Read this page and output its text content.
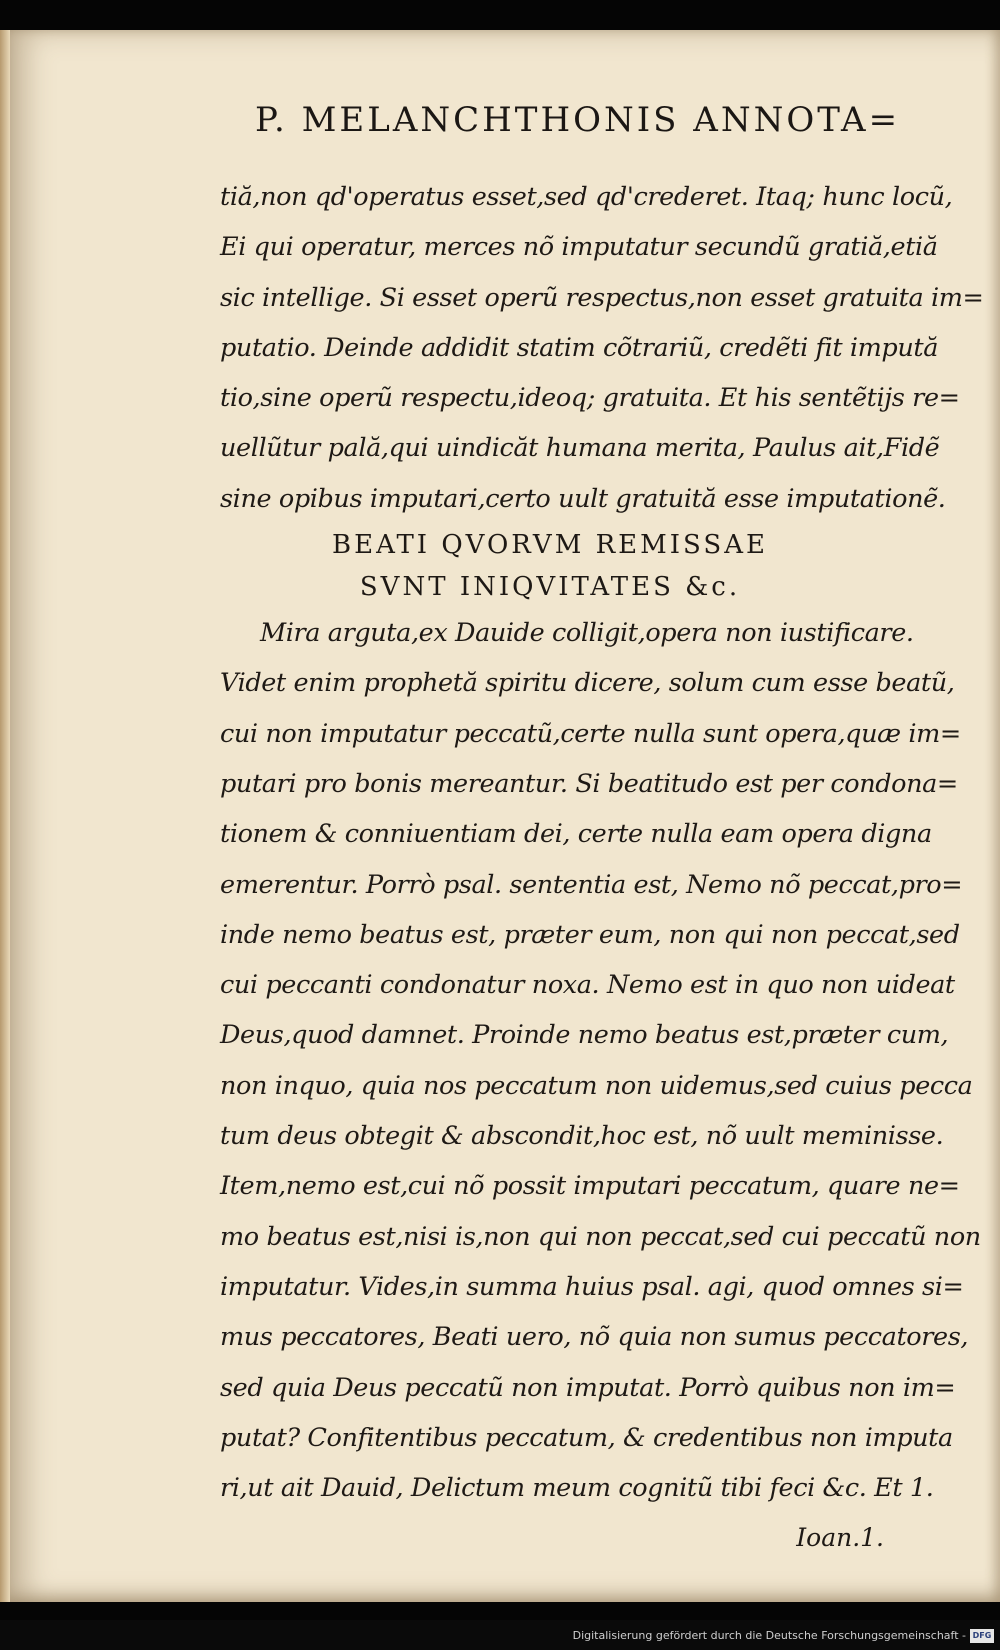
P. MELANCHTHONIS ANNOTA=
tiă,non qd'operatus esset,sed qd'crederet. Itaq; hunc locũ,
Ei qui operatur, merces nõ imputatur secundũ gratiă,etiă
sic intellige. Si esset operũ respectus,non esset gratuita im=
putatio. Deinde addidit statim cõtrariũ, credẽti fit impută
tio,sine operũ respectu,ideoq; gratuita. Et his sentẽtijs re=
uellũtur pală,qui uindicăt humana merita, Paulus ait,Fidẽ
sine opibus imputari,certo uult gratuită esse imputationẽ.
BEATI QVORVM REMISSAE
SVNT INIQVITATES &c.
Mira arguta,ex Dauide colligit,opera non iustificare.
Videt enim prophetă spiritu dicere, solum cum esse beatũ,
cui non imputatur peccatũ,certe nulla sunt opera,quæ im=
putari pro bonis mereantur. Si beatitudo est per condona=
tionem & conniuentiam dei, certe nulla eam opera digna
emerentur. Porrò psal. sententia est, Nemo nõ peccat,pro=
inde nemo beatus est, præter eum, non qui non peccat,sed
cui peccanti condonatur noxa. Nemo est in quo non uideat
Deus,quod damnet. Proinde nemo beatus est,præter cum,
non inquo, quia nos peccatum non uidemus,sed cuius pecca
tum deus obtegit & abscondit,hoc est, nõ uult meminisse.
Item,nemo est,cui nõ possit imputari peccatum, quare ne=
mo beatus est,nisi is,non qui non peccat,sed cui peccatũ non
imputatur. Vides,in summa huius psal. agi, quod omnes si=
mus peccatores, Beati uero, nõ quia non sumus peccatores,
sed quia Deus peccatũ non imputat. Porrò quibus non im=
putat? Confitentibus peccatum, & credentibus non imputa
ri,ut ait Dauid, Delictum meum cognitũ tibi feci &c. Et 1.
Ioan.1.
Digitalisierung gefördert durch die Deutsche Forschungsgemeinschaft - DFG
